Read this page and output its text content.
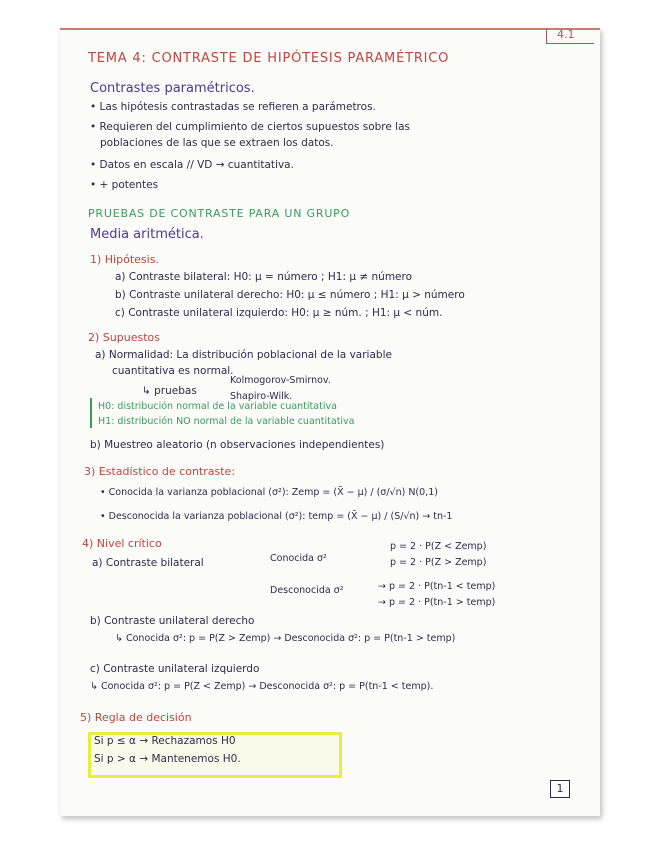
4.1
TEMA 4: CONTRASTE DE HIPÓTESIS PARAMÉTRICO
Contrastes paramétricos.
• Las hipótesis contrastadas se refieren a parámetros.
• Requieren del cumplimiento de ciertos supuestos sobre las
poblaciones de las que se extraen los datos.
• Datos en escala // VD → cuantitativa.
• + potentes
PRUEBAS DE CONTRASTE PARA UN GRUPO
Media aritmética.
1) Hipótesis.
a) Contraste bilateral: H0: μ = número ; H1: μ ≠ número
b) Contraste unilateral derecho: H0: μ ≤ número ; H1: μ > número
c) Contraste unilateral izquierdo: H0: μ ≥ núm. ; H1: μ < núm.
2) Supuestos
a) Normalidad: La distribución poblacional de la variable
cuantitativa es normal.
↳ pruebas
Kolmogorov-Smirnov.
Shapiro-Wilk.
H0: distribución normal de la variable cuantitativa
H1: distribución NO normal de la variable cuantitativa
b) Muestreo aleatorio (n observaciones independientes)
3) Estadístico de contraste:
• Conocida la varianza poblacional (σ²): Zemp = (X̄ − μ) / (σ/√n) N(0,1)
• Desconocida la varianza poblacional (σ²): temp = (X̄ − μ) / (S/√n) → tn-1
4) Nivel crítico
a) Contraste bilateral	Conocida σ²
p = 2 · P(Z < Zemp)
p = 2 · P(Z > Zemp)
Desconocida σ²	→ p = 2 · P(tn-1 < temp)
→ p = 2 · P(tn-1 > temp)
b) Contraste unilateral derecho
↳ Conocida σ²: p = P(Z > Zemp) → Desconocida σ²: p = P(tn-1 > temp)
c) Contraste unilateral izquierdo
↳ Conocida σ²: p = P(Z < Zemp) → Desconocida σ²: p = P(tn-1 < temp).
5) Regla de decisión
Si p ≤ α → Rechazamos H0
Si p > α → Mantenemos H0.
1
